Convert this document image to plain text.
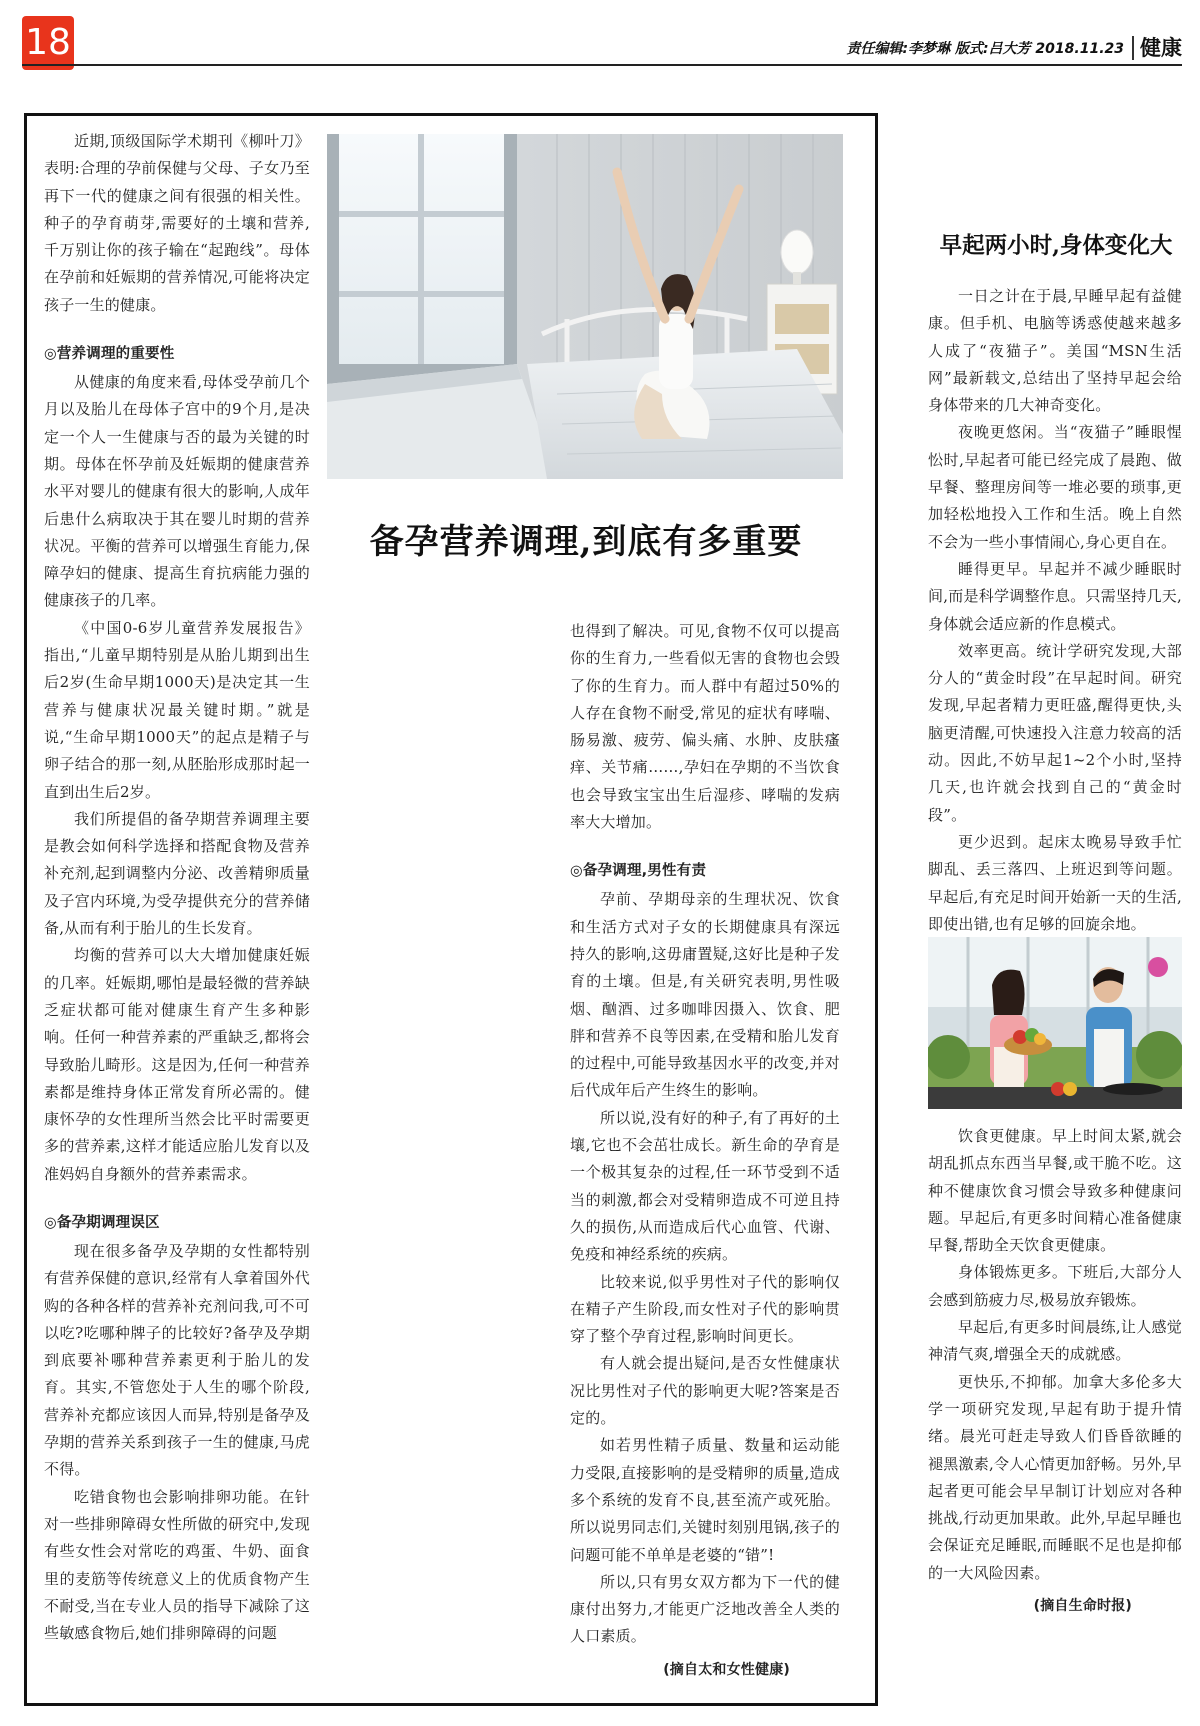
18	责任编辑:李梦琳 版式:吕大芳 2018.11.23 健康
备孕营养调理,到底有多重要

近期,顶级国际学术期刊《柳叶刀》表明:合理的孕前保健与父母、子女乃至再下一代的健康之间有很强的相关性。种子的孕育萌芽,需要好的土壤和营养,千万别让你的孩子输在“起跑线”。母体在孕前和妊娠期的营养情况,可能将决定孩子一生的健康。

◎营养调理的重要性

从健康的角度来看,母体受孕前几个月以及胎儿在母体子宫中的9个月,是决定一个人一生健康与否的最为关键的时期。母体在怀孕前及妊娠期的健康营养水平对婴儿的健康有很大的影响,人成年后患什么病取决于其在婴儿时期的营养状况。平衡的营养可以增强生育能力,保障孕妇的健康、提高生育抗病能力强的健康孩子的几率。

《中国0-6岁儿童营养发展报告》指出,“儿童早期特别是从胎儿期到出生后2岁(生命早期1000天)是决定其一生营养与健康状况最关键时期。”就是说,“生命早期1000天”的起点是精子与卵子结合的那一刻,从胚胎形成那时起一直到出生后2岁。

我们所提倡的备孕期营养调理主要是教会如何科学选择和搭配食物及营养补充剂,起到调整内分泌、改善精卵质量及子宫内环境,为受孕提供充分的营养储备,从而有利于胎儿的生长发育。

均衡的营养可以大大增加健康妊娠的几率。妊娠期,哪怕是最轻微的营养缺乏症状都可能对健康生育产生多种影响。任何一种营养素的严重缺乏,都将会导致胎儿畸形。这是因为,任何一种营养素都是维持身体正常发育所必需的。健康怀孕的女性理所当然会比平时需要更多的营养素,这样才能适应胎儿发育以及准妈妈自身额外的营养素需求。

◎备孕期调理误区

现在很多备孕及孕期的女性都特别有营养保健的意识,经常有人拿着国外代购的各种各样的营养补充剂问我,可不可以吃?吃哪种牌子的比较好?备孕及孕期到底要补哪种营养素更利于胎儿的发育。其实,不管您处于人生的哪个阶段,营养补充都应该因人而异,特别是备孕及孕期的营养关系到孩子一生的健康,马虎不得。

吃错食物也会影响排卵功能。在针对一些排卵障碍女性所做的研究中,发现有些女性会对常吃的鸡蛋、牛奶、面食里的麦筋等传统意义上的优质食物产生不耐受,当在专业人员的指导下减除了这些敏感食物后,她们排卵障碍的问题

也得到了解决。可见,食物不仅可以提高你的生育力,一些看似无害的食物也会毁了你的生育力。而人群中有超过50%的人存在食物不耐受,常见的症状有哮喘、肠易激、疲劳、偏头痛、水肿、皮肤瘙痒、关节痛……,孕妇在孕期的不当饮食也会导致宝宝出生后湿疹、哮喘的发病率大大增加。

◎备孕调理,男性有责

孕前、孕期母亲的生理状况、饮食和生活方式对子女的长期健康具有深远持久的影响,这毋庸置疑,这好比是种子发育的土壤。但是,有关研究表明,男性吸烟、酗酒、过多咖啡因摄入、饮食、肥胖和营养不良等因素,在受精和胎儿发育的过程中,可能导致基因水平的改变,并对后代成年后产生终生的影响。

所以说,没有好的种子,有了再好的土壤,它也不会茁壮成长。新生命的孕育是一个极其复杂的过程,任一环节受到不适当的刺激,都会对受精卵造成不可逆且持久的损伤,从而造成后代心血管、代谢、免疫和神经系统的疾病。

比较来说,似乎男性对子代的影响仅在精子产生阶段,而女性对子代的影响贯穿了整个孕育过程,影响时间更长。

有人就会提出疑问,是否女性健康状况比男性对子代的影响更大呢?答案是否定的。

如若男性精子质量、数量和运动能力受限,直接影响的是受精卵的质量,造成多个系统的发育不良,甚至流产或死胎。所以说男同志们,关键时刻别甩锅,孩子的问题可能不单单是老婆的“错”!

所以,只有男女双方都为下一代的健康付出努力,才能更广泛地改善全人类的人口素质。

(摘自太和女性健康)

早起两小时,身体变化大

一日之计在于晨,早睡早起有益健康。但手机、电脑等诱惑使越来越多人成了“夜猫子”。美国“MSN生活网”最新载文,总结出了坚持早起会给身体带来的几大神奇变化。

夜晚更悠闲。当“夜猫子”睡眼惺忪时,早起者可能已经完成了晨跑、做早餐、整理房间等一堆必要的琐事,更加轻松地投入工作和生活。晚上自然不会为一些小事情闹心,身心更自在。

睡得更早。早起并不减少睡眠时间,而是科学调整作息。只需坚持几天,身体就会适应新的作息模式。

效率更高。统计学研究发现,大部分人的“黄金时段”在早起时间。研究发现,早起者精力更旺盛,醒得更快,头脑更清醒,可快速投入注意力较高的活动。因此,不妨早起1~2个小时,坚持几天,也许就会找到自己的“黄金时段”。

更少迟到。起床太晚易导致手忙脚乱、丢三落四、上班迟到等问题。早起后,有充足时间开始新一天的生活,即使出错,也有足够的回旋余地。

饮食更健康。早上时间太紧,就会胡乱抓点东西当早餐,或干脆不吃。这种不健康饮食习惯会导致多种健康问题。早起后,有更多时间精心准备健康早餐,帮助全天饮食更健康。

身体锻炼更多。下班后,大部分人会感到筋疲力尽,极易放弃锻炼。

早起后,有更多时间晨练,让人感觉神清气爽,增强全天的成就感。

更快乐,不抑郁。加拿大多伦多大学一项研究发现,早起有助于提升情绪。晨光可赶走导致人们昏昏欲睡的褪黑激素,令人心情更加舒畅。另外,早起者更可能会早早制订计划应对各种挑战,行动更加果敢。此外,早起早睡也会保证充足睡眠,而睡眠不足也是抑郁的一大风险因素。

(摘自生命时报)
